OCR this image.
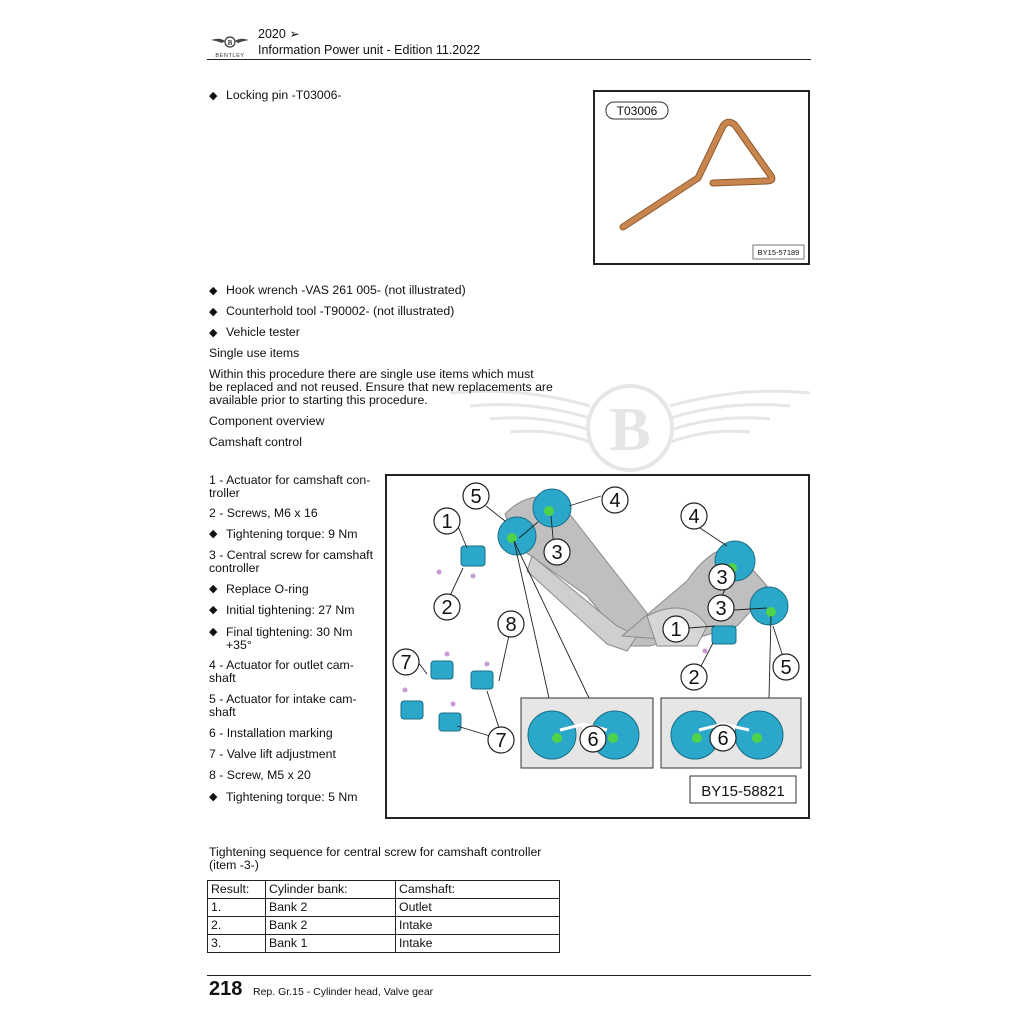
B
BENTLEY
2020 ➢
Information Power unit - Edition 11.2022
◆ Locking pin -T03006-
T03006
BY15-57189
◆ Hook wrench -VAS 261 005- (not illustrated)
◆ Counterhold tool -T90002- (not illustrated)
◆ Vehicle tester
B
Single use items
Within this procedure there are single use items which must
be replaced and not reused. Ensure that new replacements are
available prior to starting this procedure.
Component overview
Camshaft control
1 - Actuator for camshaft con-
troller
2 - Screws, M6 x 16
◆ Tightening torque: 9 Nm
3 - Central screw for camshaft
controller
◆ Replace O-ring
◆ Initial tightening: 27 Nm
◆ Final tightening: 30 Nm
+35°
4 - Actuator for outlet cam-
shaft
5 - Actuator for intake cam-
shaft
6 - Installation marking
7 - Valve lift adjustment
8 - Screw, M5 x 20
◆ Tightening torque: 5 Nm
5	4
1
3
2
8
4
3
3
1
2	5
7
7	6	6
BY15-58821
Tightening sequence for central screw for camshaft controller
(item -3-)
Result:	Cylinder bank:	Camshaft:
1.	Bank 2	Outlet
2.	Bank 2	Intake
3.	Bank 1	Intake
218 Rep. Gr.15 - Cylinder head, Valve gear
